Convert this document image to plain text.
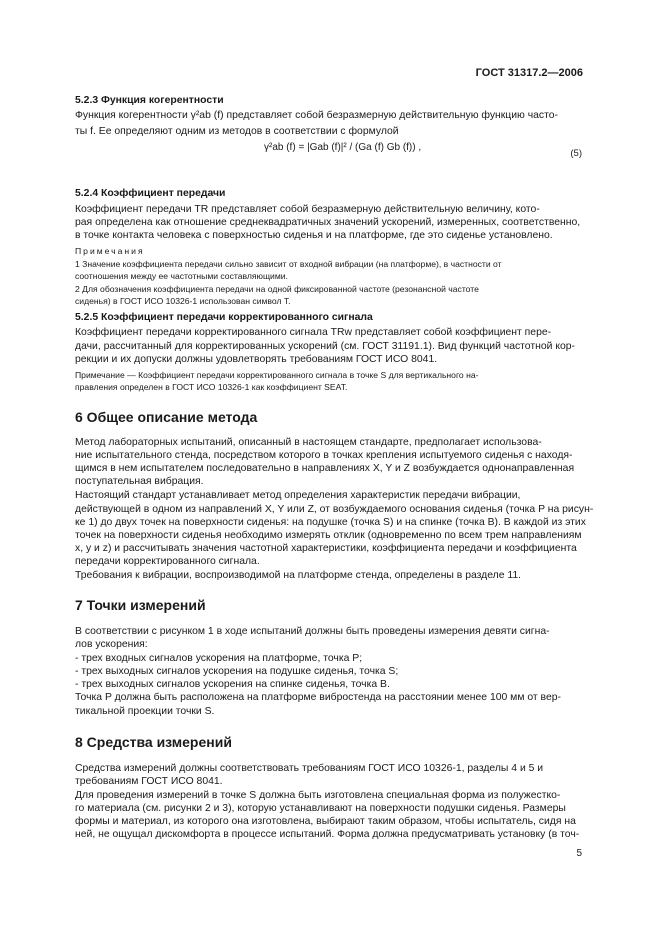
ГОСТ 31317.2—2006
5.2.3 Функция когерентности
Функция когерентности γ²ab (f) представляет собой безразмерную действительную функцию часто-
ты f. Ее определяют одним из методов в соответствии с формулой
γ²ab (f) = |Gab (f)|² / (Ga (f) Gb (f)) ,
(5)
5.2.4 Коэффициент передачи
Коэффициент передачи TR представляет собой безразмерную действительную величину, кото-
рая определена как отношение среднеквадратичных значений ускорений, измеренных, соответственно,
в точке контакта человека с поверхностью сиденья и на платформе, где это сиденье установлено.
Примечания
1 Значение коэффициента передачи сильно зависит от входной вибрации (на платформе), в частности от
соотношения между ее частотными составляющими.
2 Для обозначения коэффициента передачи на одной фиксированной частоте (резонансной частоте
сиденья) в ГОСТ ИСО 10326-1 использован символ T.
5.2.5 Коэффициент передачи корректированного сигнала
Коэффициент передачи корректированного сигнала TRw представляет собой коэффициент пере-
дачи, рассчитанный для корректированных ускорений (см. ГОСТ 31191.1). Вид функций частотной кор-
рекции и их допуски должны удовлетворять требованиям ГОСТ ИСО 8041.
Примечание — Коэффициент передачи корректированного сигнала в точке S для вертикального на-
правления определен в ГОСТ ИСО 10326-1 как коэффициент SEAT.
6 Общее описание метода
Метод лабораторных испытаний, описанный в настоящем стандарте, предполагает использова-
ние испытательного стенда, посредством которого в точках крепления испытуемого сиденья с находя-
щимся в нем испытателем последовательно в направлениях X, Y и Z возбуждается однонаправленная
поступательная вибрация.
Настоящий стандарт устанавливает метод определения характеристик передачи вибрации,
действующей в одном из направлений X, Y или Z, от возбуждаемого основания сиденья (точка P на рисун-
ке 1) до двух точек на поверхности сиденья: на подушке (точка S) и на спинке (точка B). В каждой из этих
точек на поверхности сиденья необходимо измерять отклик (одновременно по всем трем направлениям
x, y и z) и рассчитывать значения частотной характеристики, коэффициента передачи и коэффициента
передачи корректированного сигнала.
Требования к вибрации, воспроизводимой на платформе стенда, определены в разделе 11.
7 Точки измерений
В соответствии с рисунком 1 в ходе испытаний должны быть проведены измерения девяти сигна-
лов ускорения:
- трех входных сигналов ускорения на платформе, точка P;
- трех выходных сигналов ускорения на подушке сиденья, точка S;
- трех выходных сигналов ускорения на спинке сиденья, точка B.
Точка P должна быть расположена на платформе вибростенда на расстоянии менее 100 мм от вер-
тикальной проекции точки S.
8 Средства измерений
Средства измерений должны соответствовать требованиям ГОСТ ИСО 10326-1, разделы 4 и 5 и
требованиям ГОСТ ИСО 8041.
Для проведения измерений в точке S должна быть изготовлена специальная форма из полужестко-
го материала (см. рисунки 2 и 3), которую устанавливают на поверхности подушки сиденья. Размеры
формы и материал, из которого она изготовлена, выбирают таким образом, чтобы испытатель, сидя на
ней, не ощущал дискомфорта в процессе испытаний. Форма должна предусматривать установку (в точ-
5
